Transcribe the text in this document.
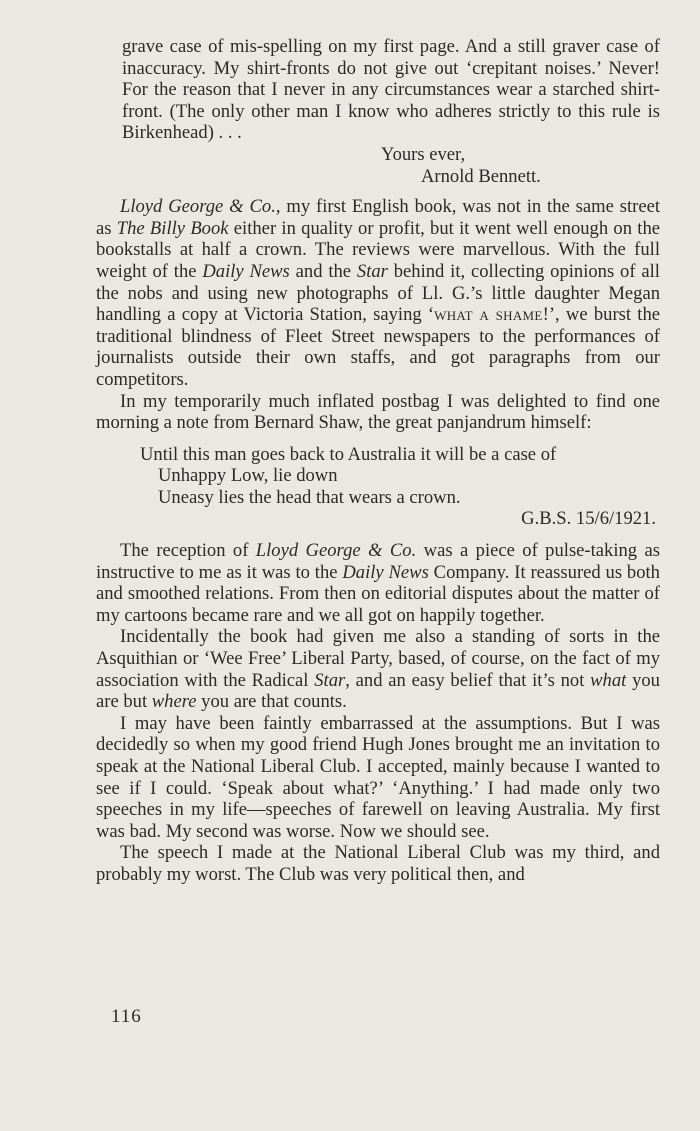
grave case of mis-spelling on my first page. And a still graver case of inaccuracy. My shirt-fronts do not give out ‘crepitant noises.’ Never! For the reason that I never in any circumstances wear a starched shirt-front. (The only other man I know who adheres strictly to this rule is Birkenhead) . . .

Yours ever,

Arnold Bennett.

Lloyd George & Co., my first English book, was not in the same street as The Billy Book either in quality or profit, but it went well enough on the bookstalls at half a crown. The reviews were marvellous. With the full weight of the Daily News and the Star behind it, collecting opinions of all the nobs and using new photographs of Ll. G.’s little daughter Megan handling a copy at Victoria Station, saying ‘what a shame!’, we burst the traditional blindness of Fleet Street newspapers to the performances of journalists outside their own staffs, and got paragraphs from our competitors.

In my temporarily much inflated postbag I was delighted to find one morning a note from Bernard Shaw, the great panjandrum himself:

Until this man goes back to Australia it will be a case of

Unhappy Low, lie down

Uneasy lies the head that wears a crown.

G.B.S. 15/6/1921.

The reception of Lloyd George & Co. was a piece of pulse-taking as instructive to me as it was to the Daily News Company. It reassured us both and smoothed relations. From then on editorial disputes about the matter of my cartoons became rare and we all got on happily together.

Incidentally the book had given me also a standing of sorts in the Asquithian or ‘Wee Free’ Liberal Party, based, of course, on the fact of my association with the Radical Star, and an easy belief that it’s not what you are but where you are that counts.

I may have been faintly embarrassed at the assumptions. But I was decidedly so when my good friend Hugh Jones brought me an invitation to speak at the National Liberal Club. I accepted, mainly because I wanted to see if I could. ‘Speak about what?’ ‘Anything.’ I had made only two speeches in my life—speeches of farewell on leaving Australia. My first was bad. My second was worse. Now we should see.

The speech I made at the National Liberal Club was my third, and probably my worst. The Club was very political then, and

116
